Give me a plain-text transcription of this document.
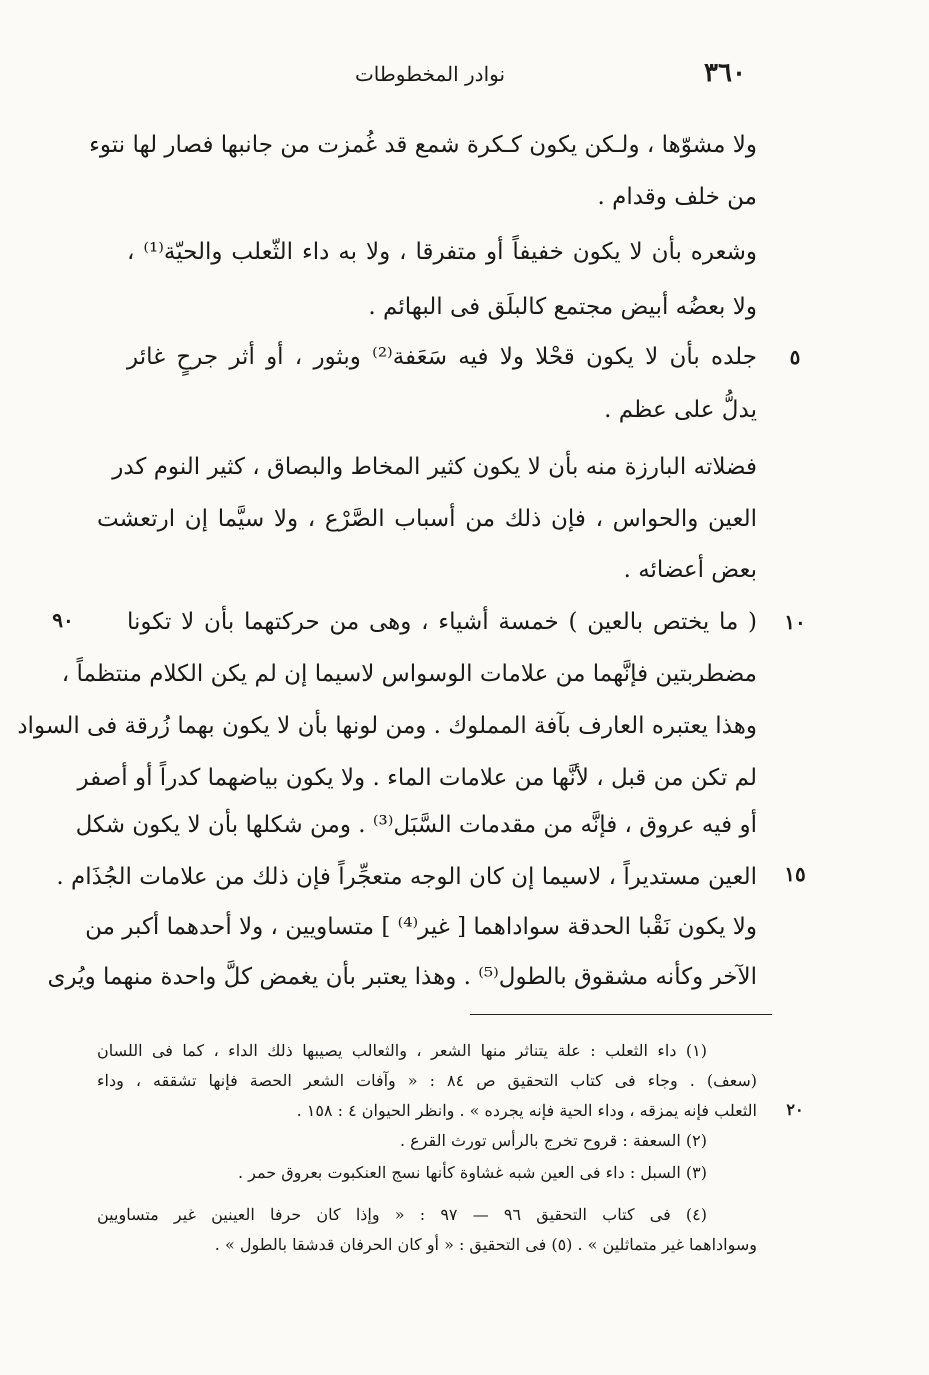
٣٦٠
نوادر المخطوطات
ولا مشوّها ، ولـكن يكون كـكرة شمع قد غُمزت من جانبها فصار لها نتوء
من خلف وقدام .
وشعره بأن لا يكون خفيفاً أو متفرقا ، ولا به داء الثّعلب والحيّة⁽¹⁾ ،
ولا بعضُه أبيض مجتمع كالبلَق فى البهائم .
٥
جلده بأن لا يكون قحْلا ولا فيه سَعَفة⁽²⁾ وبثور ، أو أثر جرحٍ غائر
يدلُّ على عظم .
فضلاته البارزة منه بأن لا يكون كثير المخاط والبصاق ، كثير النوم كدر
العين والحواس ، فإن ذلك من أسباب الصَّرْع ، ولا سيَّما إن ارتعشت
بعض أعضائه .
١٠
٩٠	( ما يختص بالعين ) خمسة أشياء ، وهى من حركتهما بأن لا تكونا
مضطربتين فإنَّهما من علامات الوسواس لاسيما إن لم يكن الكلام منتظماً ،
وهذا يعتبره العارف بآفة المملوك . ومن لونها بأن لا يكون بهما زُرقة فى السواد
لم تكن من قبل ، لأنَّها من علامات الماء . ولا يكون بياضهما كدراً أو أصفر
أو فيه عروق ، فإنَّه من مقدمات السَّبَل⁽³⁾ . ومن شكلها بأن لا يكون شكل
١٥
العين مستديراً ، لاسيما إن كان الوجه متعجِّراً فإن ذلك من علامات الجُذَام .
ولا يكون نَقْبا الحدقة سواداهما [ غير⁽⁴⁾ ] متساويين ، ولا أحدهما أكبر من
الآخر وكأنه مشقوق بالطول⁽⁵⁾ . وهذا يعتبر بأن يغمض كلَّ واحدة منهما ويُرى
(١) داء الثعلب : علة يتناثر منها الشعر ، والثعالب يصيبها ذلك الداء ، كما فى اللسان
(سعف) . وجاء فى كتاب التحقيق ص ٨٤ : « وآفات الشعر الحصة فإنها تشققه ، وداء
٢٠
الثعلب فإنه يمزقه ، وداء الحية فإنه يجرده » . وانظر الحيوان ٤ : ١٥٨ .
(٢) السعفة : قروح تخرج بالرأس تورث القرع .
(٣) السبل : داء فى العين شبه غشاوة كأنها نسج العنكبوت بعروق حمر .
(٤) فى كتاب التحقيق ٩٦ — ٩٧ : « وإذا كان حرفا العينين غير متساويين
وسواداهما غير متماثلين » . (٥) فى التحقيق : « أو كان الحرفان قدشقا بالطول » .
